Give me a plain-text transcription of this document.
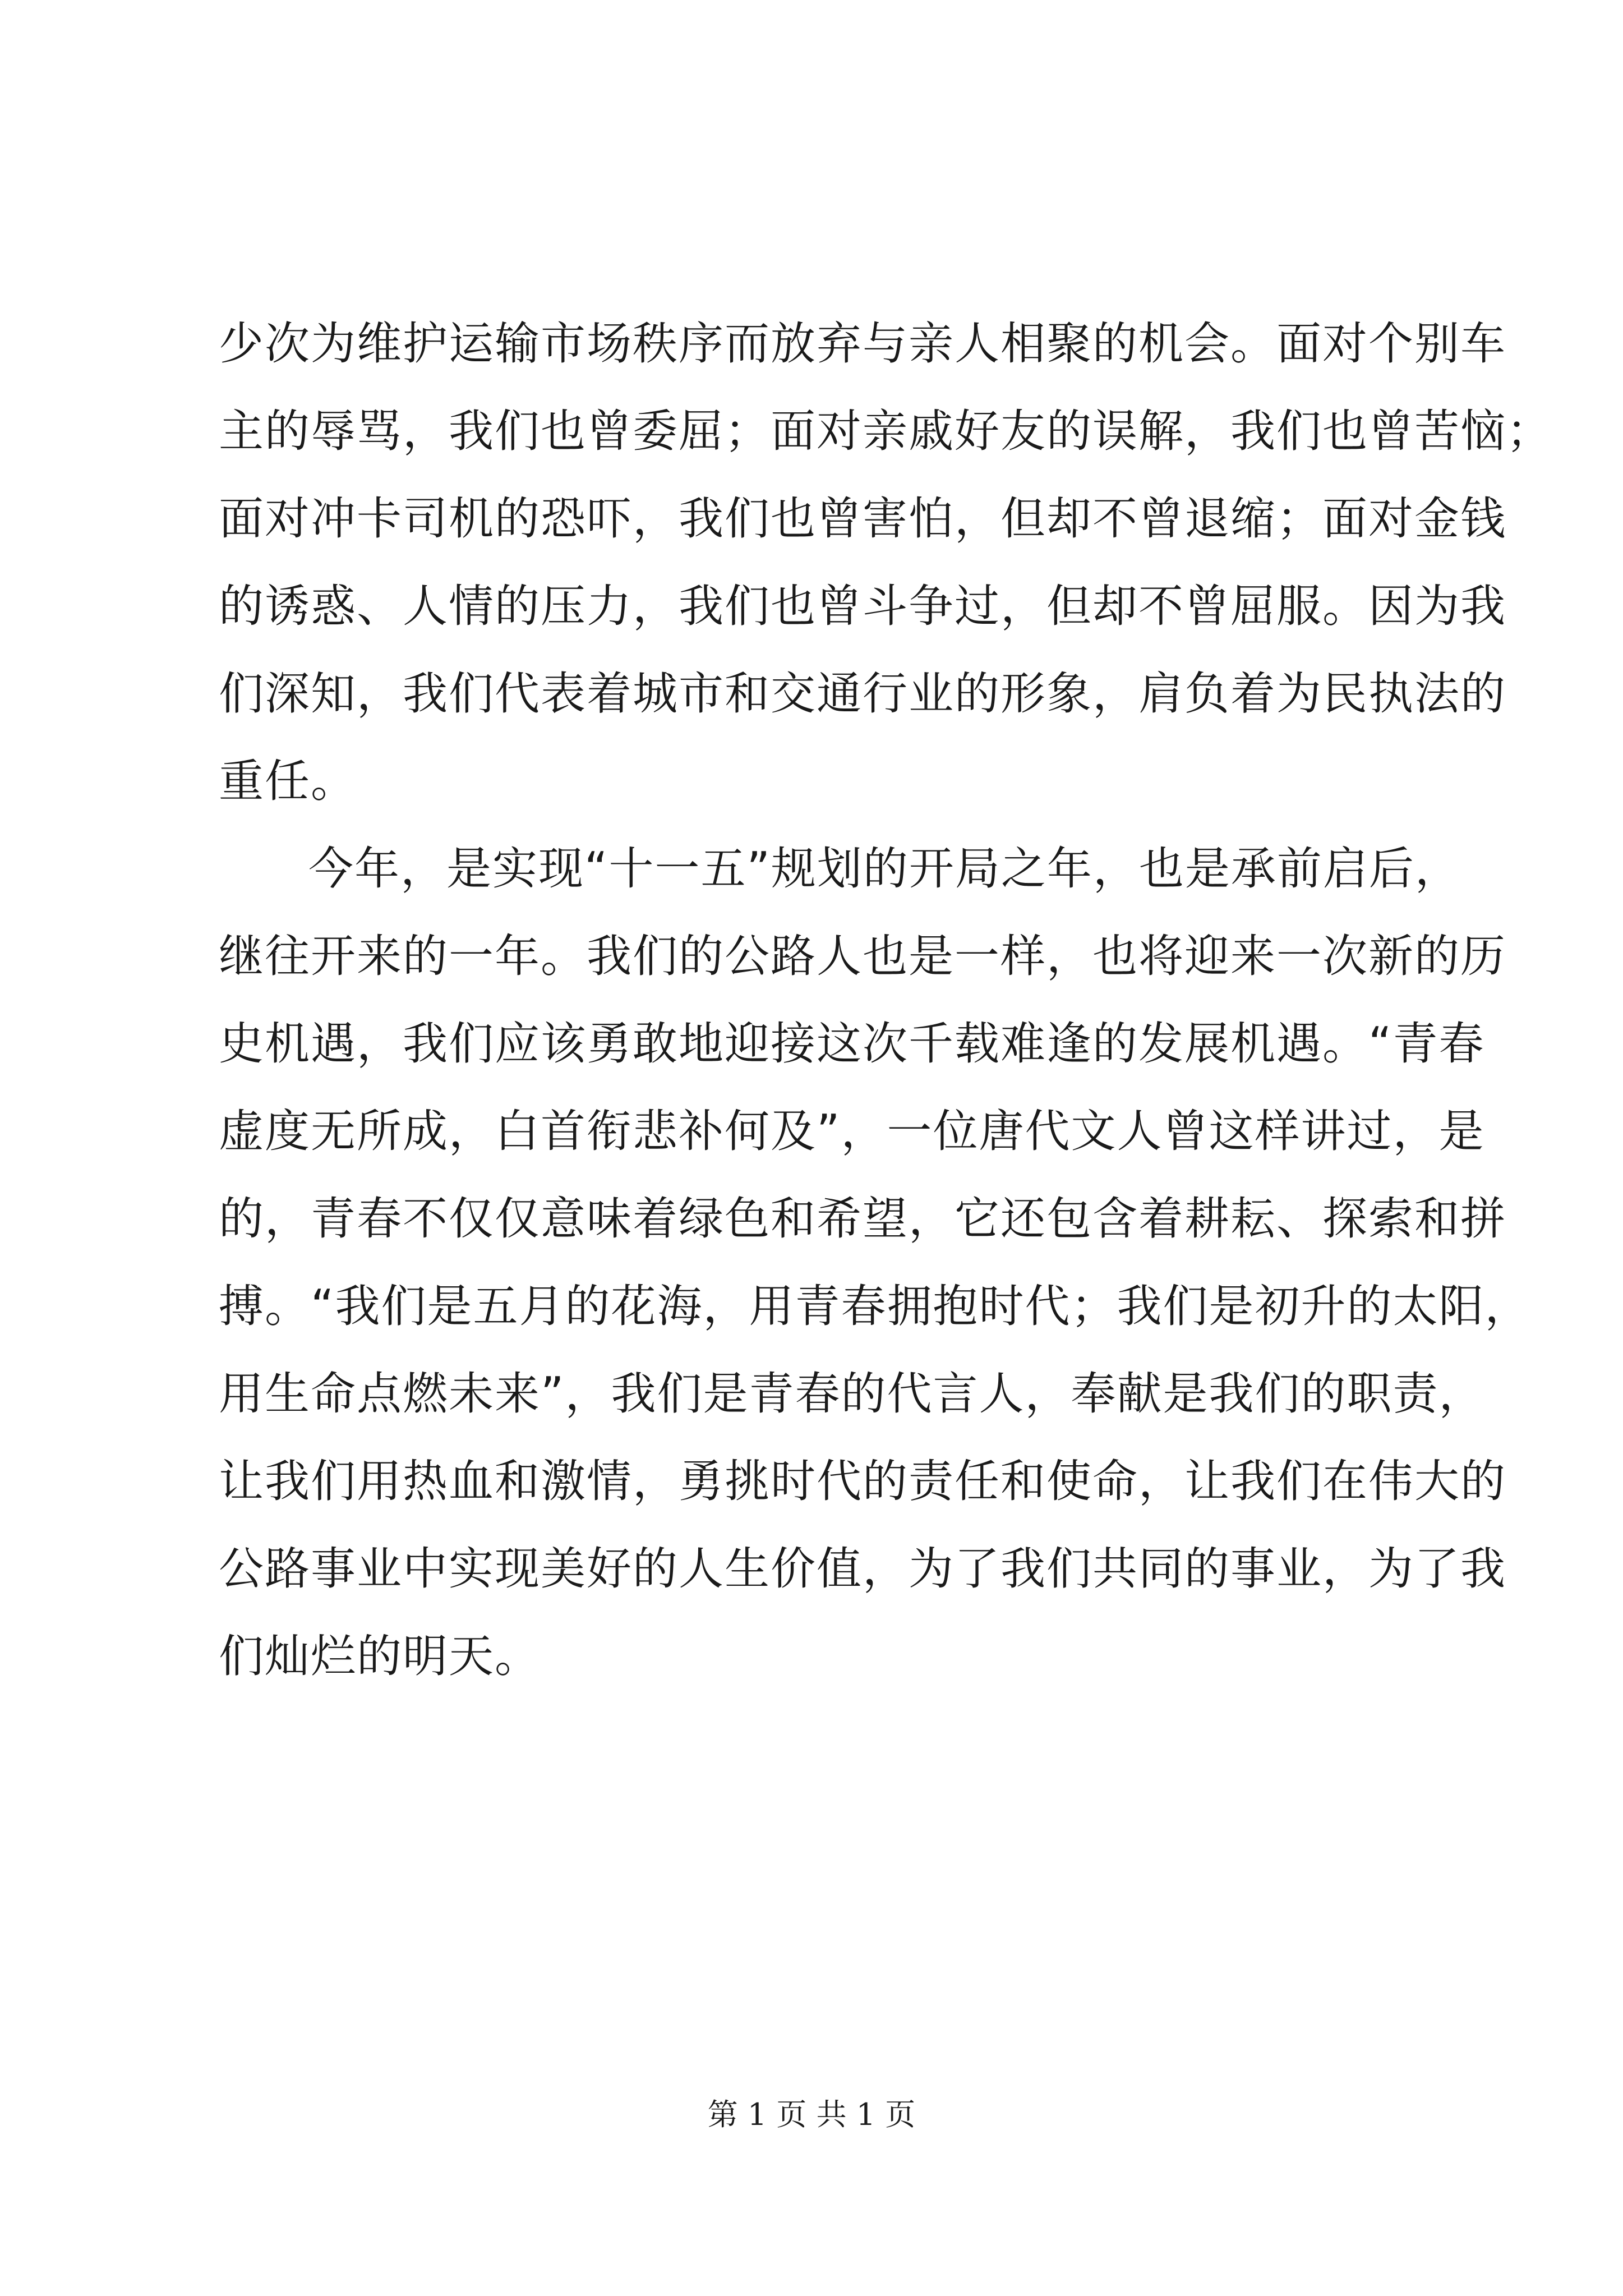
少次为维护运输市场秩序而放弃与亲人相聚的机会。面对个别车
主的辱骂，我们也曾委屈；面对亲戚好友的误解，我们也曾苦恼；
面对冲卡司机的恐吓，我们也曾害怕，但却不曾退缩；面对金钱
的诱惑、人情的压力，我们也曾斗争过，但却不曾屈服。因为我
们深知，我们代表着城市和交通行业的形象，肩负着为民执法的
重任。
今年，是实现“十一五”规划的开局之年，也是承前启后，
继往开来的一年。我们的公路人也是一样，也将迎来一次新的历
史机遇，我们应该勇敢地迎接这次千载难逢的发展机遇。“青春
虚度无所成，白首衔悲补何及”，一位唐代文人曾这样讲过，是
的，青春不仅仅意味着绿色和希望，它还包含着耕耘、探索和拼
搏。“我们是五月的花海，用青春拥抱时代；我们是初升的太阳，
用生命点燃未来”，我们是青春的代言人，奉献是我们的职责，
让我们用热血和激情，勇挑时代的责任和使命，让我们在伟大的
公路事业中实现美好的人生价值，为了我们共同的事业，为了我
们灿烂的明天。
第 1 页 共 1 页
